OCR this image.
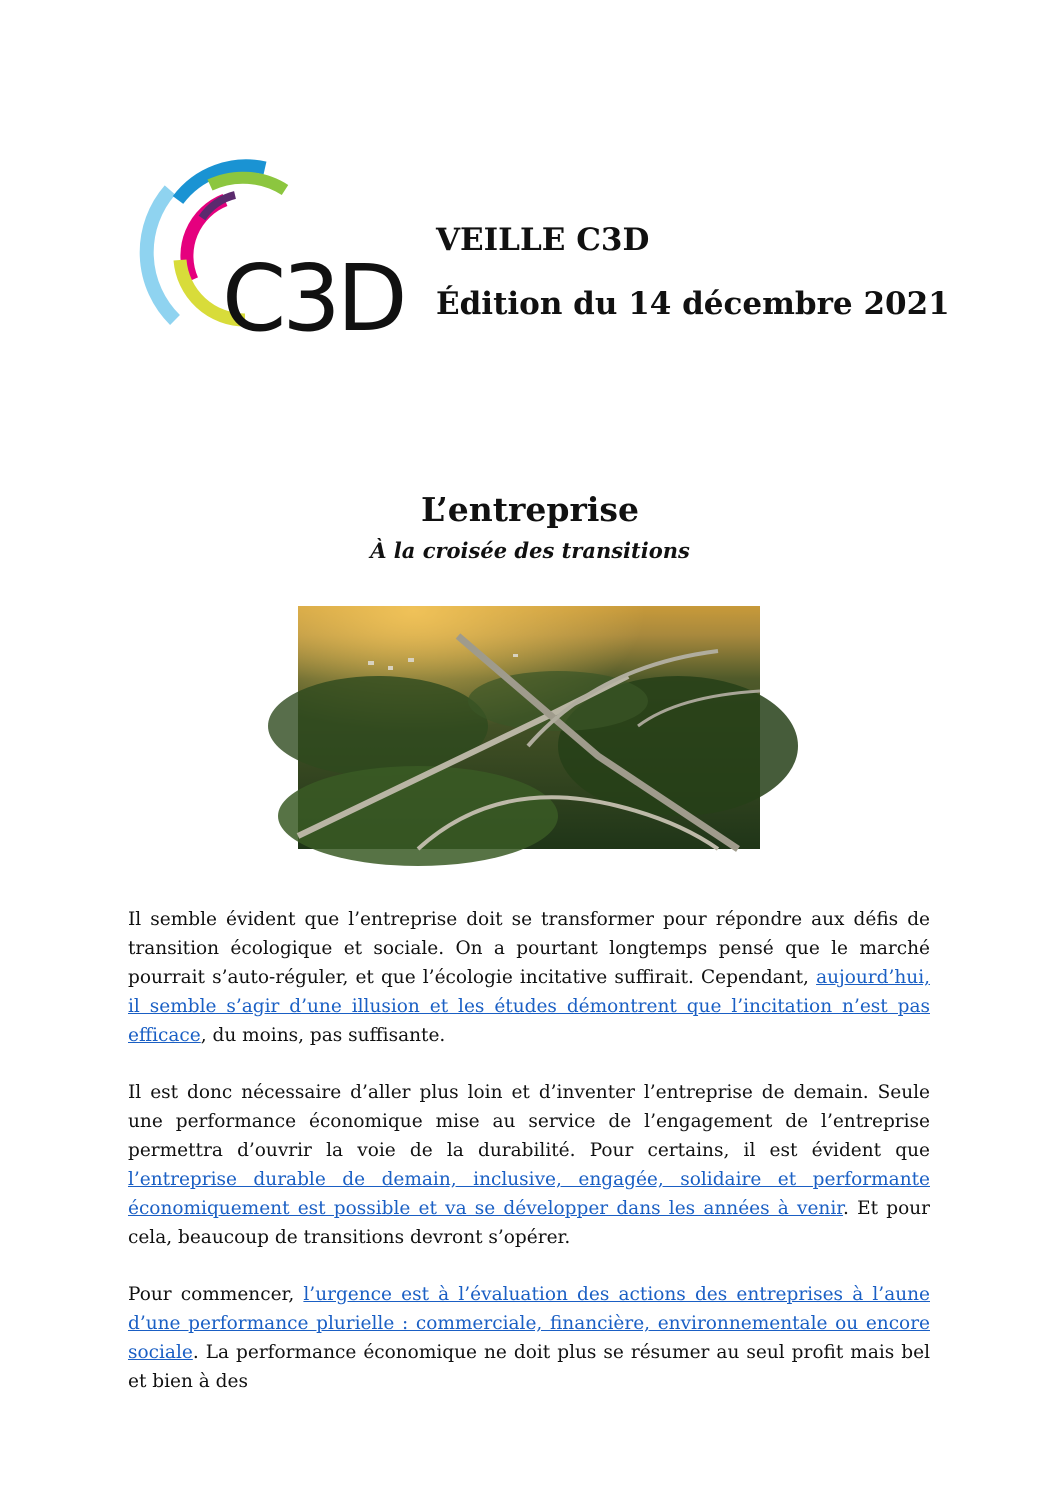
C3D
VEILLE C3D
Édition du 14 décembre 2021
L’entreprise
À la croisée des transitions

Il semble évident que l’entreprise doit se transformer pour répondre aux défis de transition écologique et sociale. On a pourtant longtemps pensé que le marché pourrait s’auto-réguler, et que l’écologie incitative suffirait. Cependant, aujourd’hui, il semble s’agir d’une illusion et les études démontrent que l’incitation n’est pas efficace, du moins, pas suffisante.

Il est donc nécessaire d’aller plus loin et d’inventer l’entreprise de demain. Seule une performance économique mise au service de l’engagement de l’entreprise permettra d’ouvrir la voie de la durabilité. Pour certains, il est évident que l’entreprise durable de demain, inclusive, engagée, solidaire et performante économiquement est possible et va se développer dans les années à venir. Et pour cela, beaucoup de transitions devront s’opérer.

Pour commencer, l’urgence est à l’évaluation des actions des entreprises à l’aune d’une performance plurielle : commerciale, financière, environnementale ou encore sociale. La performance économique ne doit plus se résumer au seul profit mais bel et bien à des
